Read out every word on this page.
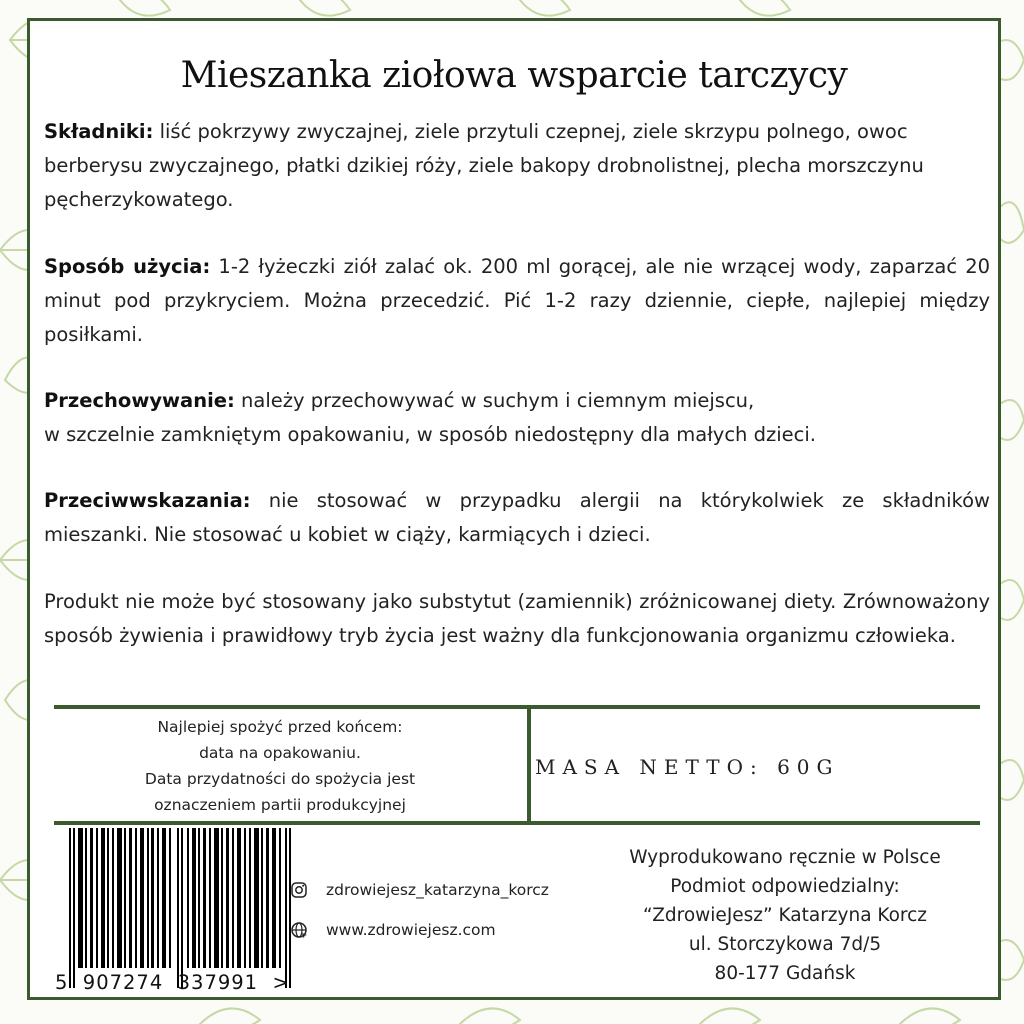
Mieszanka ziołowa wsparcie tarczycy
Składniki: liść pokrzywy zwyczajnej, ziele przytuli czepnej, ziele skrzypu polnego, owoc berberysu zwyczajnego, płatki dzikiej róży, ziele bakopy drobnolistnej, plecha morszczynu pęcherzykowatego.
Sposób użycia: 1-2 łyżeczki ziół zalać ok. 200 ml gorącej, ale nie wrzącej wody, zaparzać 20 minut pod przykryciem. Można przecedzić. Pić 1-2 razy dziennie, ciepłe, najlepiej między posiłkami.
Przechowywanie: należy przechowywać w suchym i ciemnym miejscu,
w szczelnie zamkniętym opakowaniu, w sposób niedostępny dla małych dzieci.
Przeciwwskazania: nie stosować w przypadku alergii na którykolwiek ze składników mieszanki. Nie stosować u kobiet w ciąży, karmiących i dzieci.
Produkt nie może być stosowany jako substytut (zamiennik) zróżnicowanej diety. Zrównoważony sposób żywienia i prawidłowy tryb życia jest ważny dla funkcjonowania organizmu człowieka.
Najlepiej spożyć przed końcem:
data na opakowaniu.
Data przydatności do spożycia jest
oznaczeniem partii produkcyjnej
MASA NETTO: 60G
5  907274  337991  >
zdrowiejesz_katarzyna_korcz
www.zdrowiejesz.com
Wyprodukowano ręcznie w Polsce
Podmiot odpowiedzialny:
“ZdrowieJesz” Katarzyna Korcz
ul. Storczykowa 7d/5
80-177 Gdańsk
